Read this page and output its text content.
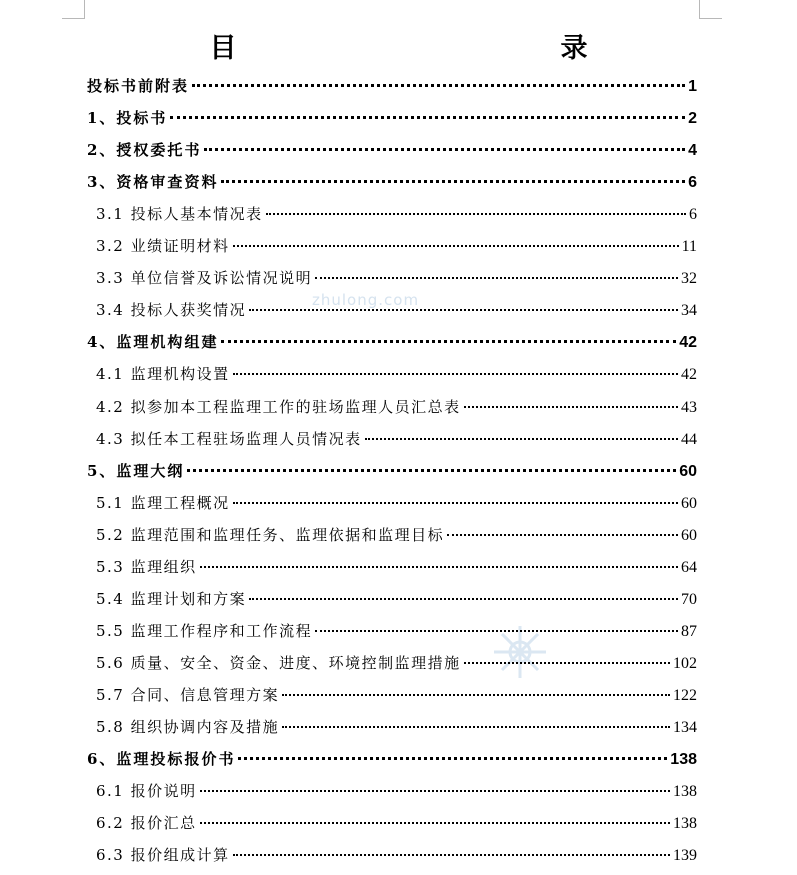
zhulong.com
目　　录
投标书前附表	1
1、投标书	2
2、授权委托书	4
3、资格审查资料	6
3.1 投标人基本情况表	6
3.2 业绩证明材料	11
3.3 单位信誉及诉讼情况说明	32
3.4 投标人获奖情况	34
4、监理机构组建	42
4.1 监理机构设置	42
4.2 拟参加本工程监理工作的驻场监理人员汇总表	43
4.3 拟任本工程驻场监理人员情况表	44
5、监理大纲	60
5.1 监理工程概况	60
5.2 监理范围和监理任务、监理依据和监理目标	60
5.3 监理组织	64
5.4 监理计划和方案	70
5.5 监理工作程序和工作流程	87
5.6 质量、安全、资金、进度、环境控制监理措施	102
5.7 合同、信息管理方案	122
5.8 组织协调内容及措施	134
6、监理投标报价书	138
6.1 报价说明	138
6.2 报价汇总	138
6.3 报价组成计算	139
